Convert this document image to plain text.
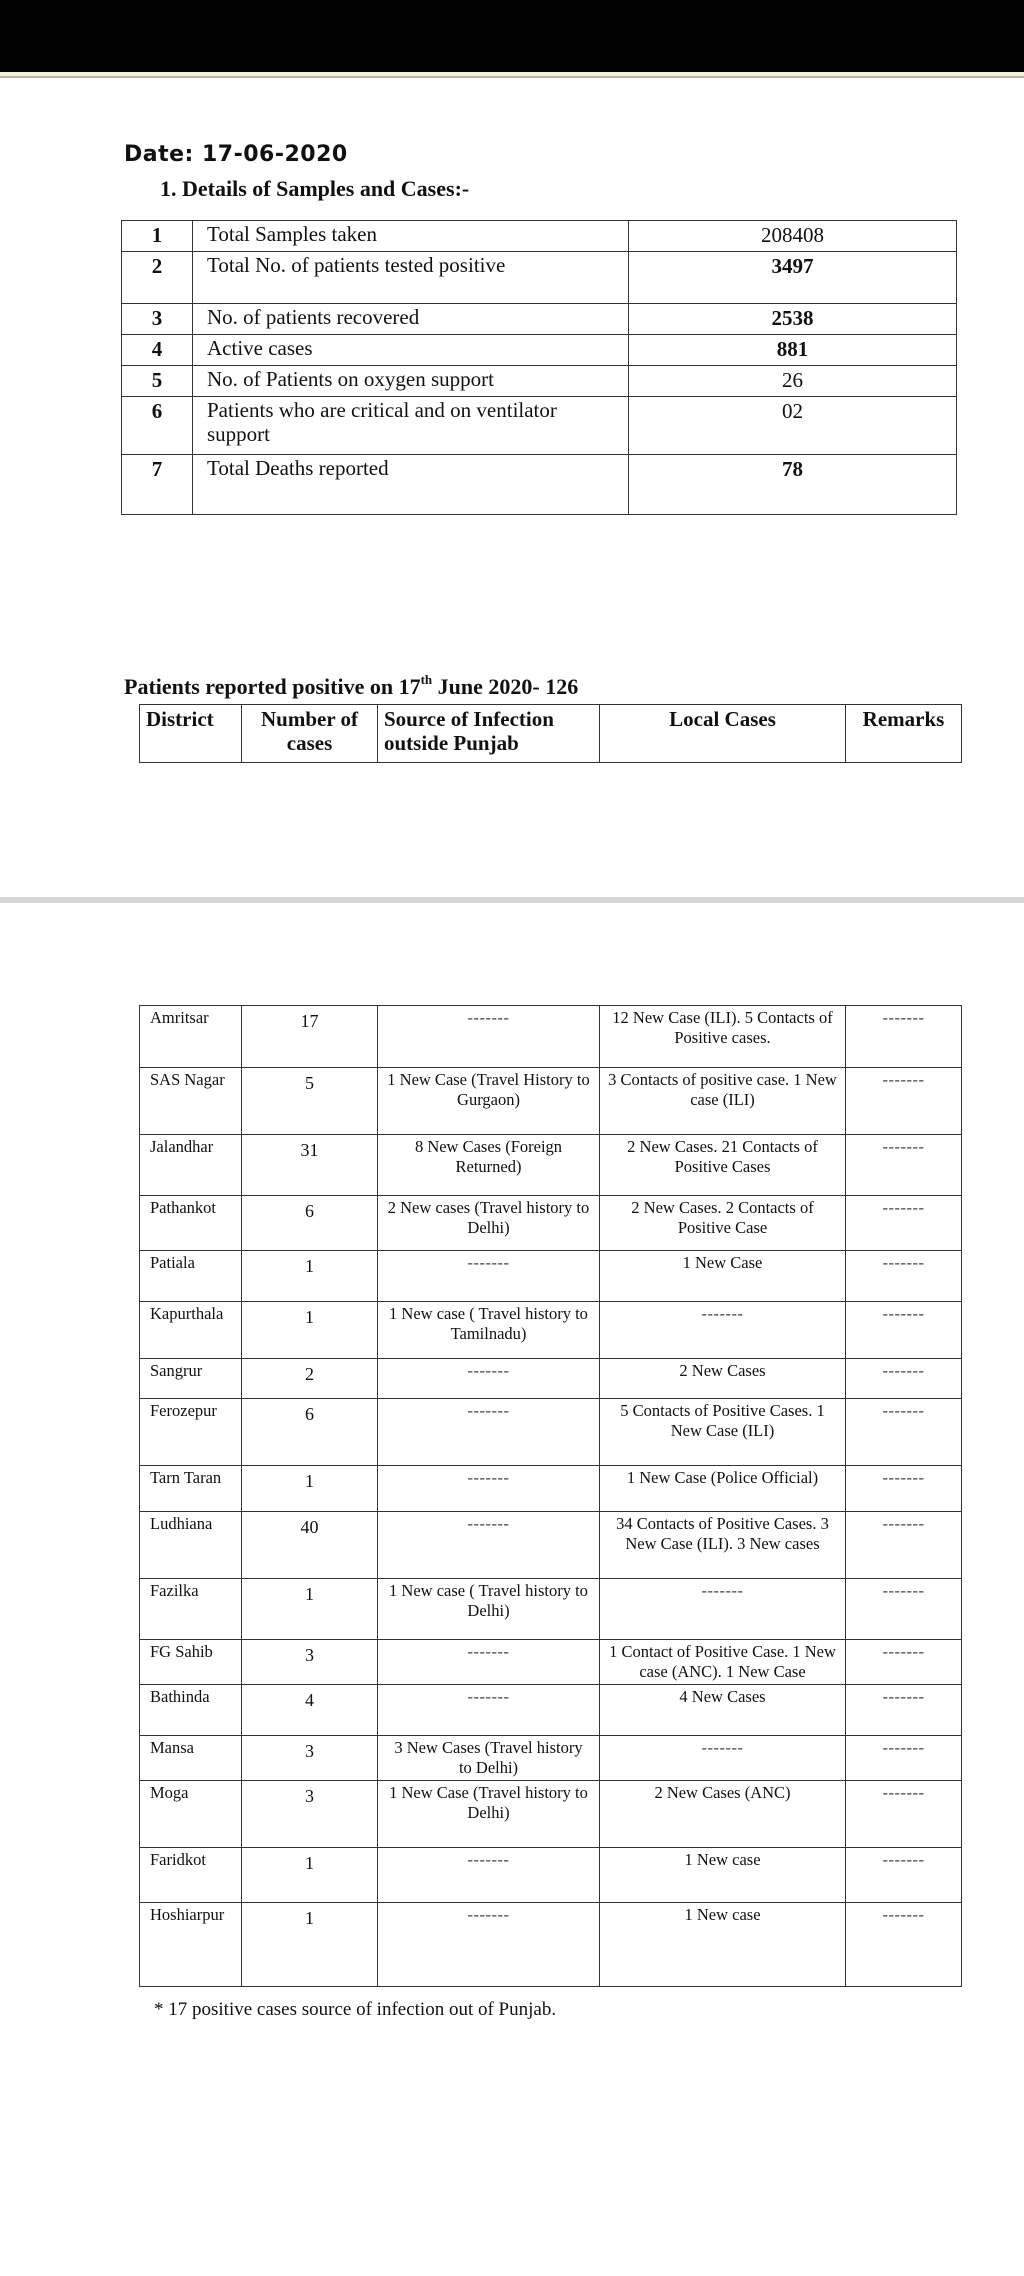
Date: 17-06-2020
1. Details of Samples and Cases:-
1	Total Samples taken	208408
2	Total No. of patients tested positive	3497
3	No. of patients recovered	2538
4	Active cases	881
5	No. of Patients on oxygen support	26
6	Patients who are critical and on ventilator support	02
7	Total Deaths reported	78
Patients reported positive on 17th June 2020- 126
District	Number of cases	Source of Infection outside Punjab	Local Cases	Remarks
Amritsar	17	-------	12 New Case (ILI). 5 Contacts of Positive cases.	-------
SAS Nagar	5	1 New Case (Travel History to Gurgaon)	3 Contacts of positive case. 1 New case (ILI)	-------
Jalandhar	31	8 New Cases (Foreign Returned)	2 New Cases. 21 Contacts of Positive Cases	-------
Pathankot	6	2 New cases (Travel history to Delhi)	2 New Cases. 2 Contacts of Positive Case	-------
Patiala	1	-------	1 New Case	-------
Kapurthala	1	1 New case ( Travel history to Tamilnadu)	-------	-------
Sangrur	2	-------	2 New Cases	-------
Ferozepur	6	-------	5 Contacts of Positive Cases. 1 New Case (ILI)	-------
Tarn Taran	1	-------	1 New Case (Police Official)	-------
Ludhiana	40	-------	34 Contacts of Positive Cases. 3 New Case (ILI). 3 New cases	-------
Fazilka	1	1 New case ( Travel history to Delhi)	-------	-------
FG Sahib	3	-------	1 Contact of Positive Case. 1 New case (ANC). 1 New Case	-------
Bathinda	4	-------	4 New Cases	-------
Mansa	3	3 New Cases (Travel history to Delhi)	-------	-------
Moga	3	1 New Case (Travel history to Delhi)	2 New Cases (ANC)	-------
Faridkot	1	-------	1 New case	-------
Hoshiarpur	1	-------	1 New case	-------
* 17 positive cases source of infection out of Punjab.
